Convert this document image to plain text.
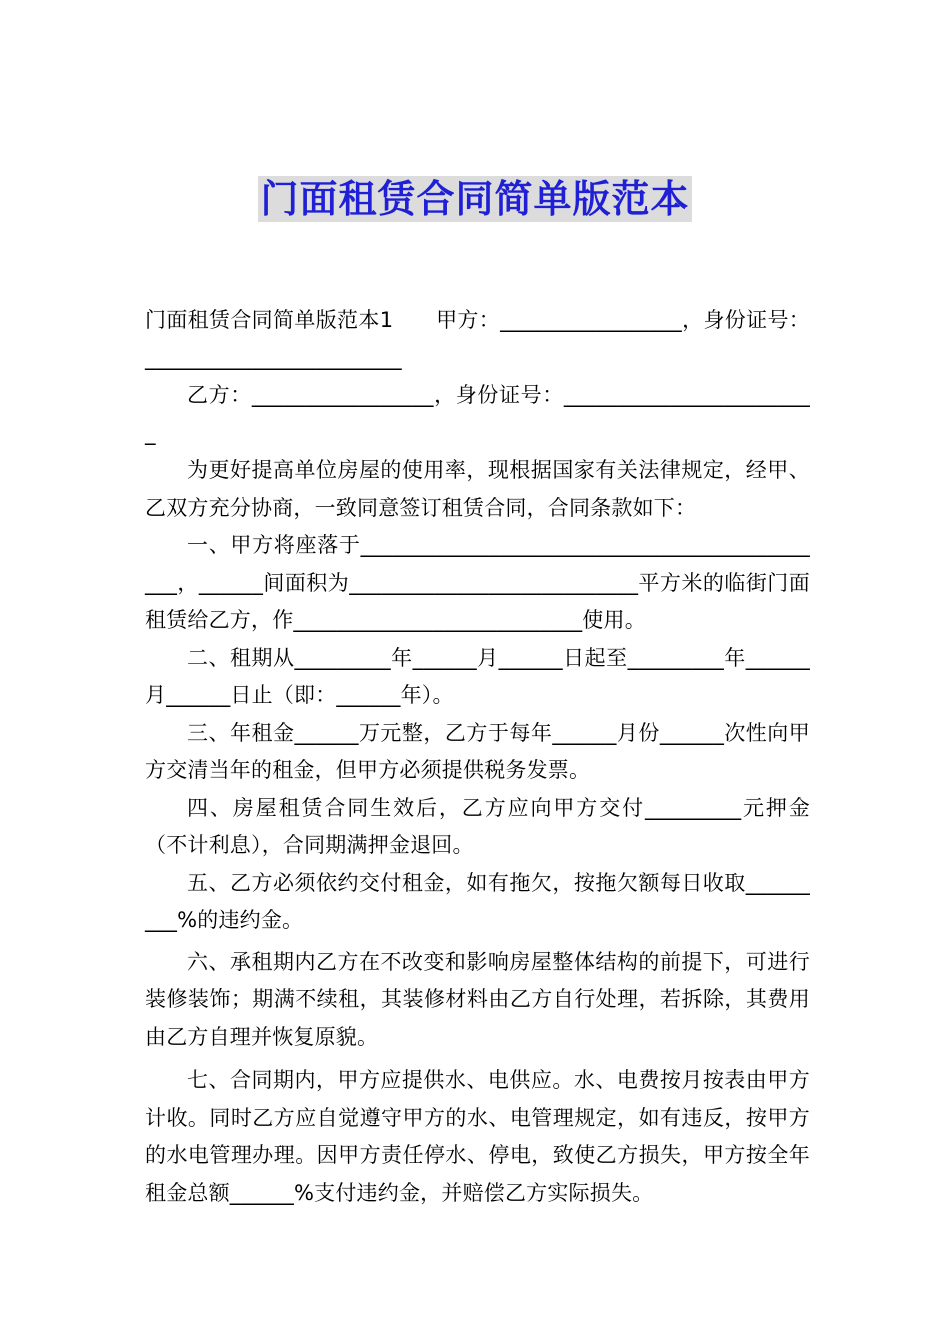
门面租赁合同简单版范本

门面租赁合同简单版范本1　　甲方：_________________，身份证号：________________________

乙方：_________________，身份证号：________________________

为更好提高单位房屋的使用率，现根据国家有关法律规定，经甲、乙双方充分协商，一致同意签订租赁合同，合同条款如下：

一、甲方将座落于_____________________________________________，______间面积为___________________________平方米的临街门面租赁给乙方，作___________________________使用。

二、租期从_________年______月______日起至_________年______月______日止（即：______年）。

三、年租金______万元整，乙方于每年______月份______次性向甲方交清当年的租金，但甲方必须提供税务发票。

四、房屋租赁合同生效后，乙方应向甲方交付_________元押金（不计利息），合同期满押金退回。

五、乙方必须依约交付租金，如有拖欠，按拖欠额每日收取_________%的违约金。

六、承租期内乙方在不改变和影响房屋整体结构的前提下，可进行装修装饰；期满不续租，其装修材料由乙方自行处理，若拆除，其费用由乙方自理并恢复原貌。

七、合同期内，甲方应提供水、电供应。水、电费按月按表由甲方计收。同时乙方应自觉遵守甲方的水、电管理规定，如有违反，按甲方的水电管理办理。因甲方责任停水、停电，致使乙方损失，甲方按全年租金总额______%支付违约金，并赔偿乙方实际损失。
